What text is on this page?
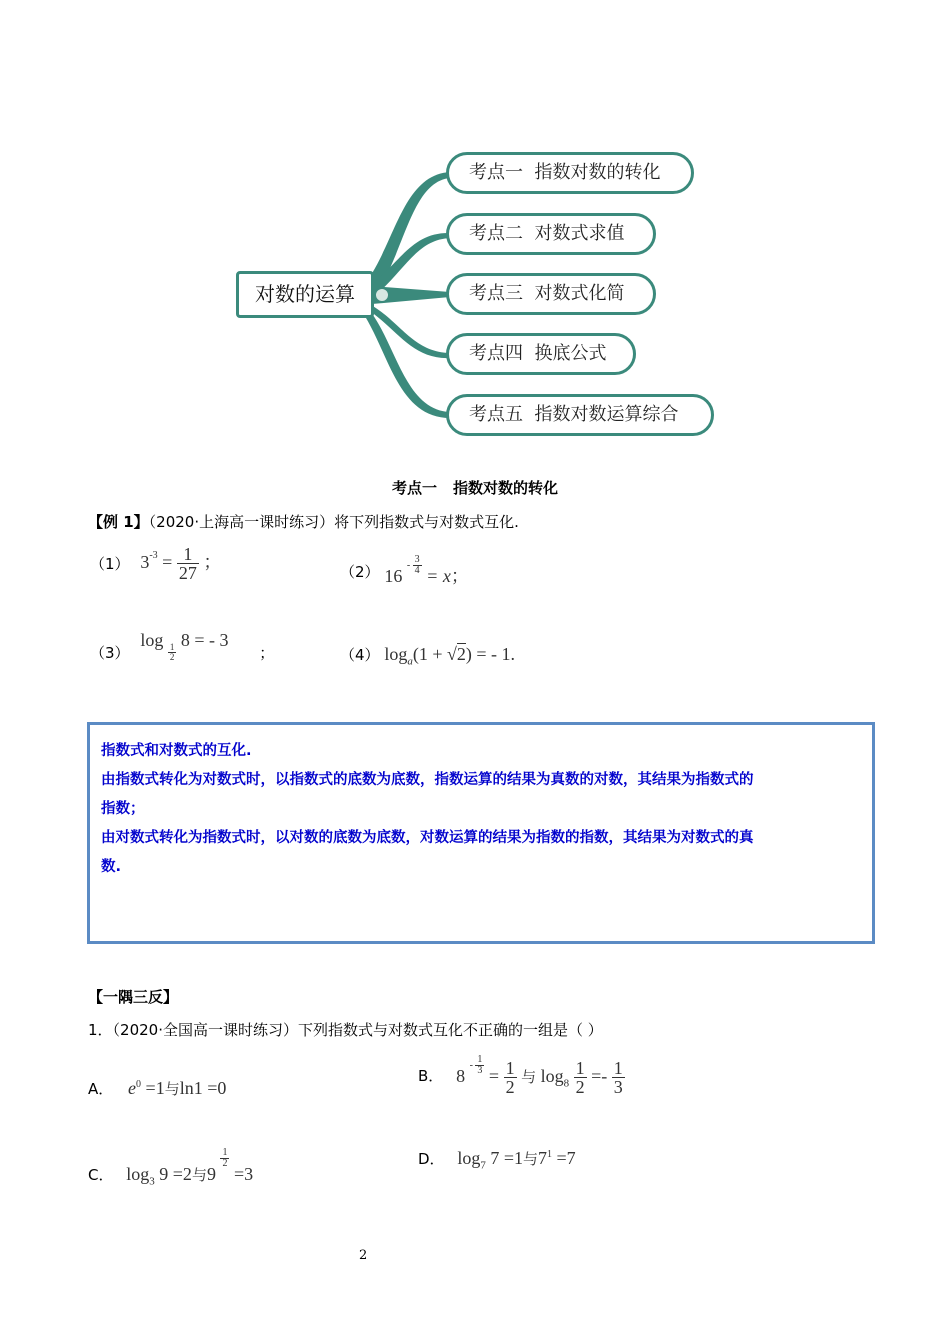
对数的运算
考点一  指数对数的转化
考点二  对数式求值
考点三  对数式化简
考点四  换底公式
考点五  指数对数运算综合
考点一 指数对数的转化
【例 1】（2020·上海高一课时练习）将下列指数式与对数式互化.
（1） $3^{-3} = \frac{1}{27}$ ；
（2） $16 - \frac{3}{4} = x$；
（3） log
$\frac{1}{2}$
8 = - 3 ；	（4） $\log_a(1 + √2)$ = - 1.
指数式和对数式的互化.
由指数式转化为对数式时，以指数式的底数为底数，指数运算的结果为真数的对数，其结果为指数式的
指数；
由对数式转化为指数式时，以对数的底数为底数，对数运算的结果为指数的指数，其结果为对数式的真
数.
【一隅三反】
1．（2020·全国高一课时练习）下列指数式与对数式互化不正确的一组是（ ）
A． $e^0 =1$与ln1 =0
B． $8 - \frac{1}{3} = \frac{1}{2}$ 与 $\log_8 \frac{1}{2} =- \frac{1}{3}$
C． $\log_3 9 =2$与9
$\frac{1}{2}$
=3
D． $\log_7 7 =1$与$7^1 =7$
2
